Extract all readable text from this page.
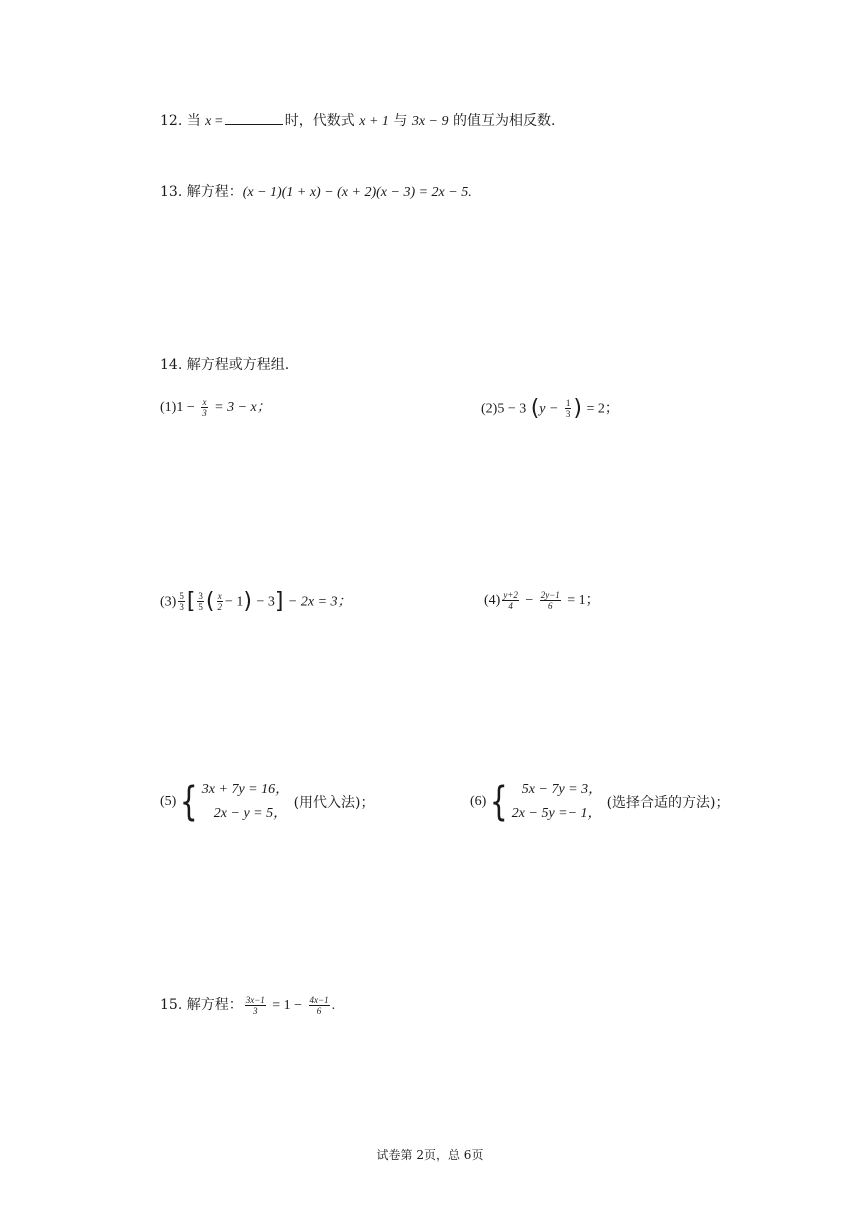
12. 当 x =	时，代数式 x + 1 与 3x − 9 的值互为相反数.
13. 解方程：(x − 1)(1 + x) − (x + 2)(x − 3) = 2x − 5.
14. 解方程或方程组.
$(1)1 - \frac{x}{3} = 3 - x$；	(2)5 − 3 ($y - \frac{1}{3}$ ) = 2；
$(3) \frac{5}{3}$ [ $\frac{3}{5}$ ( $\frac{x}{2} - 1) - 3] - 2x = 3$；	$(4) \frac{y+2}{4} - \frac{2y-1}{6} = 1$；
(5){ 3x + 7y = 16，
2x − y = 5，
(用代入法)；	(6){ 5x − 7y = 3，
2x − 5y =− 1，
(选择合适的方法)；
15. 解方程： $\frac{3x-1}{3} = 1 - \frac{4x-1}{6}$ .
试卷第 2页，总 6页
